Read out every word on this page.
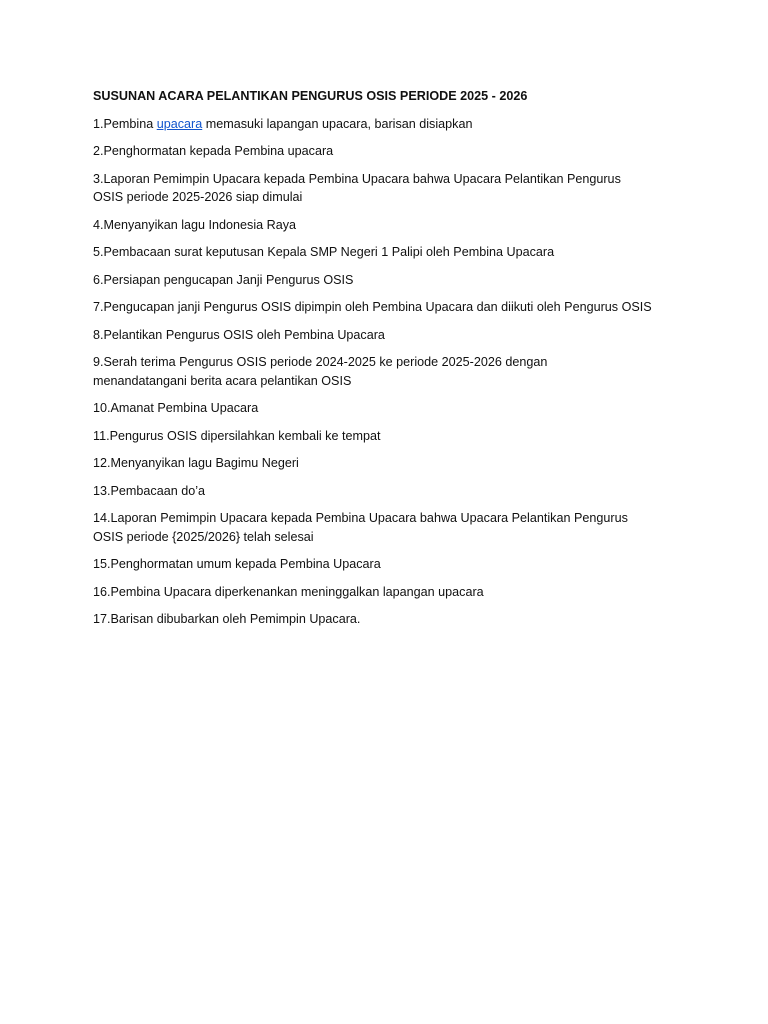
SUSUNAN ACARA PELANTIKAN PENGURUS OSIS PERIODE 2025 - 2026
1.Pembina upacara memasuki lapangan upacara, barisan disiapkan
2.Penghormatan kepada Pembina upacara
3.Laporan Pemimpin Upacara kepada Pembina Upacara bahwa Upacara Pelantikan Pengurus OSIS periode 2025-2026 siap dimulai
4.Menyanyikan lagu Indonesia Raya
5.Pembacaan surat keputusan Kepala SMP Negeri 1 Palipi oleh Pembina Upacara
6.Persiapan pengucapan Janji Pengurus OSIS
7.Pengucapan janji Pengurus OSIS dipimpin oleh Pembina Upacara dan diikuti oleh Pengurus OSIS
8.Pelantikan Pengurus OSIS oleh Pembina Upacara
9.Serah terima Pengurus OSIS periode 2024-2025 ke periode 2025-2026 dengan menandatangani berita acara pelantikan OSIS
10.Amanat Pembina Upacara
11.Pengurus OSIS dipersilahkan kembali ke tempat
12.Menyanyikan lagu Bagimu Negeri
13.Pembacaan do’a
14.Laporan Pemimpin Upacara kepada Pembina Upacara bahwa Upacara Pelantikan Pengurus OSIS periode {2025/2026} telah selesai
15.Penghormatan umum kepada Pembina Upacara
16.Pembina Upacara diperkenankan meninggalkan lapangan upacara
17.Barisan dibubarkan oleh Pemimpin Upacara.
